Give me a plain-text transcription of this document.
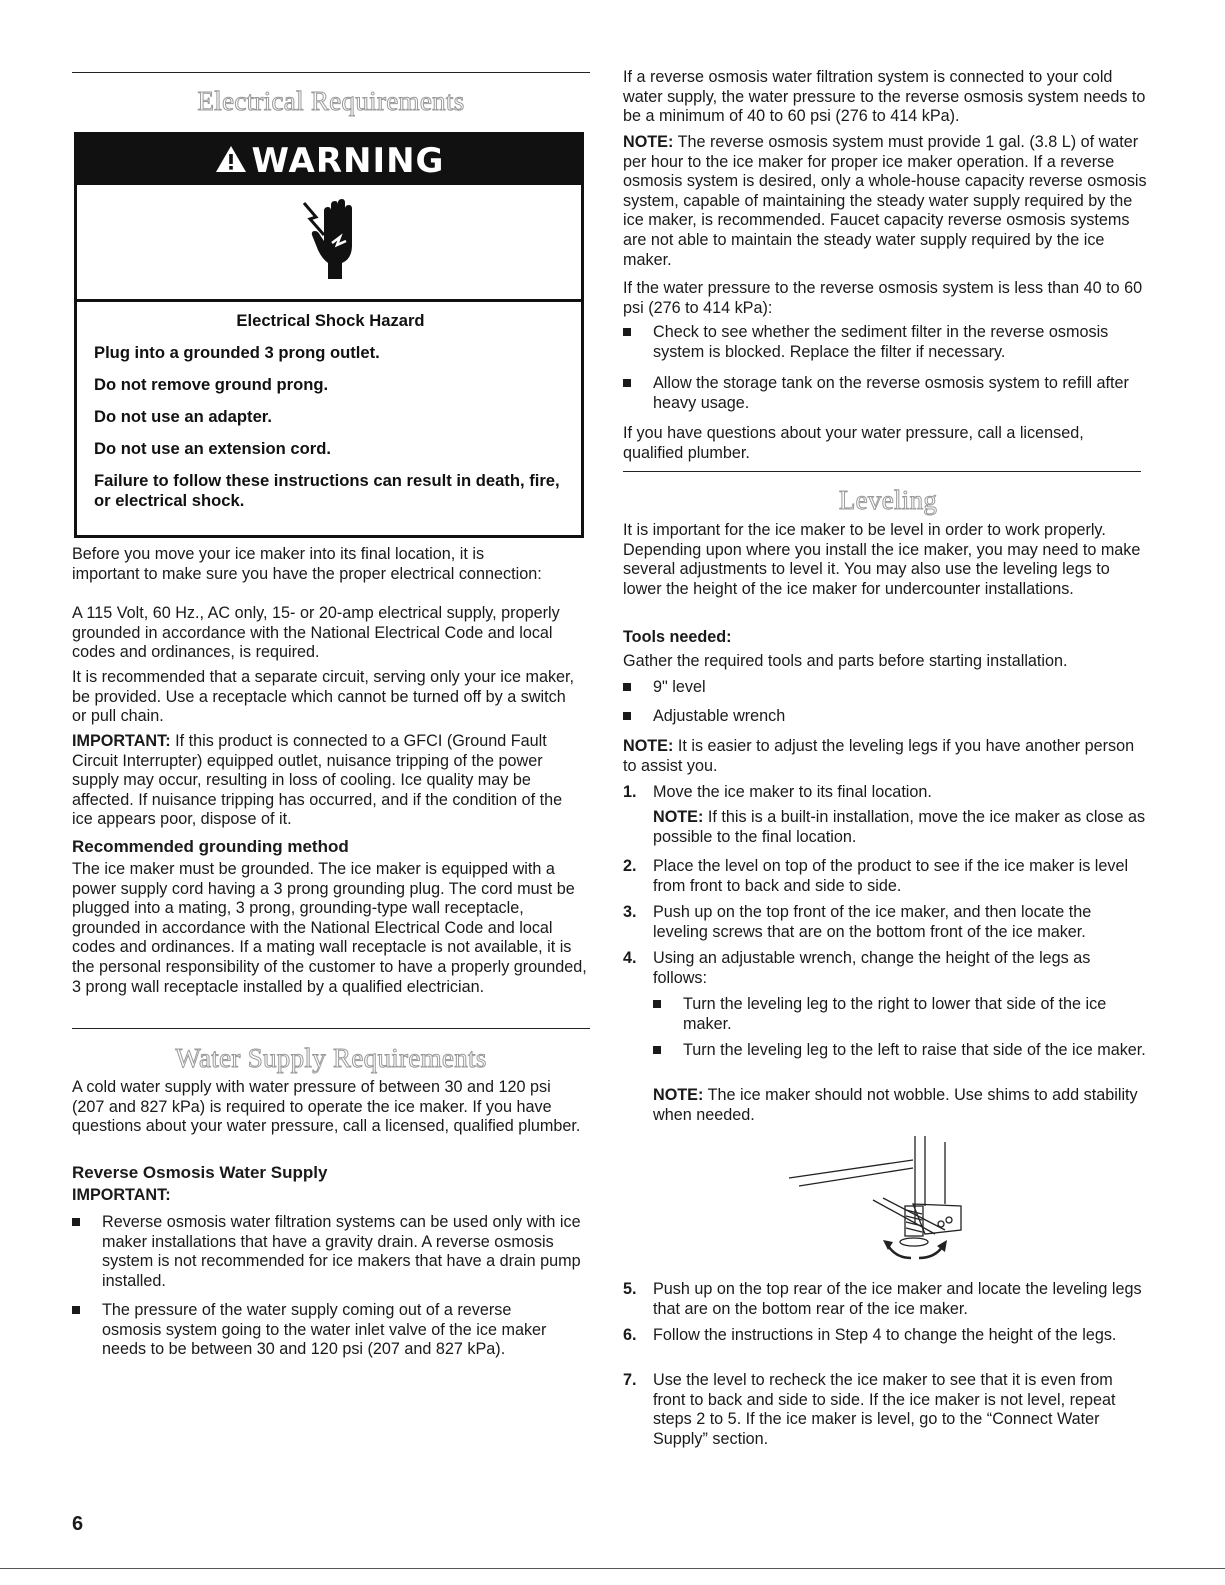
Electrical Requirements
WARNING
Electrical Shock Hazard
Plug into a grounded 3 prong outlet.
Do not remove ground prong.
Do not use an adapter.
Do not use an extension cord.
Failure to follow these instructions can result in death, fire, or electrical shock.

Before you move your ice maker into its final location, it is important to make sure you have the proper electrical connection:

A 115 Volt, 60 Hz., AC only, 15- or 20-amp electrical supply, properly grounded in accordance with the National Electrical Code and local codes and ordinances, is required.

It is recommended that a separate circuit, serving only your ice maker, be provided. Use a receptacle which cannot be turned off by a switch or pull chain.

IMPORTANT: If this product is connected to a GFCI (Ground Fault Circuit Interrupter) equipped outlet, nuisance tripping of the power supply may occur, resulting in loss of cooling. Ice quality may be affected. If nuisance tripping has occurred, and if the condition of the ice appears poor, dispose of it.

Recommended grounding method

The ice maker must be grounded. The ice maker is equipped with a power supply cord having a 3 prong grounding plug. The cord must be plugged into a mating, 3 prong, grounding-type wall receptacle, grounded in accordance with the National Electrical Code and local codes and ordinances. If a mating wall receptacle is not available, it is the personal responsibility of the customer to have a properly grounded, 3 prong wall receptacle installed by a qualified electrician.

Water Supply Requirements

A cold water supply with water pressure of between 30 and 120 psi (207 and 827 kPa) is required to operate the ice maker. If you have questions about your water pressure, call a licensed, qualified plumber.

Reverse Osmosis Water Supply
IMPORTANT:
Reverse osmosis water filtration systems can be used only with ice maker installations that have a gravity drain. A reverse osmosis system is not recommended for ice makers that have a drain pump installed.
The pressure of the water supply coming out of a reverse osmosis system going to the water inlet valve of the ice maker needs to be between 30 and 120 psi (207 and 827 kPa).

If a reverse osmosis water filtration system is connected to your cold water supply, the water pressure to the reverse osmosis system needs to be a minimum of 40 to 60 psi (276 to 414 kPa).

NOTE: The reverse osmosis system must provide 1 gal. (3.8 L) of water per hour to the ice maker for proper ice maker operation. If a reverse osmosis system is desired, only a whole-house capacity reverse osmosis system, capable of maintaining the steady water supply required by the ice maker, is recommended. Faucet capacity reverse osmosis systems are not able to maintain the steady water supply required by the ice maker.

If the water pressure to the reverse osmosis system is less than 40 to 60 psi (276 to 414 kPa):

Check to see whether the sediment filter in the reverse osmosis system is blocked. Replace the filter if necessary.
Allow the storage tank on the reverse osmosis system to refill after heavy usage.

If you have questions about your water pressure, call a licensed, qualified plumber.

Leveling

It is important for the ice maker to be level in order to work properly. Depending upon where you install the ice maker, you may need to make several adjustments to level it. You may also use the leveling legs to lower the height of the ice maker for undercounter installations.

Tools needed:

Gather the required tools and parts before starting installation.

9" level
Adjustable wrench

NOTE: It is easier to adjust the leveling legs if you have another person to assist you.

1. Move the ice maker to its final location.

NOTE: If this is a built-in installation, move the ice maker as close as possible to the final location.

2. Place the level on top of the product to see if the ice maker is level from front to back and side to side.
3. Push up on the top front of the ice maker, and then locate the leveling screws that are on the bottom front of the ice maker.
4. Using an adjustable wrench, change the height of the legs as follows:
Turn the leveling leg to the right to lower that side of the ice maker.
Turn the leveling leg to the left to raise that side of the ice maker.

NOTE: The ice maker should not wobble. Use shims to add stability when needed.

5. Push up on the top rear of the ice maker and locate the leveling legs that are on the bottom rear of the ice maker.
6. Follow the instructions in Step 4 to change the height of the legs.
7. Use the level to recheck the ice maker to see that it is even from front to back and side to side. If the ice maker is not level, repeat steps 2 to 5. If the ice maker is level, go to the “Connect Water Supply” section.
6
